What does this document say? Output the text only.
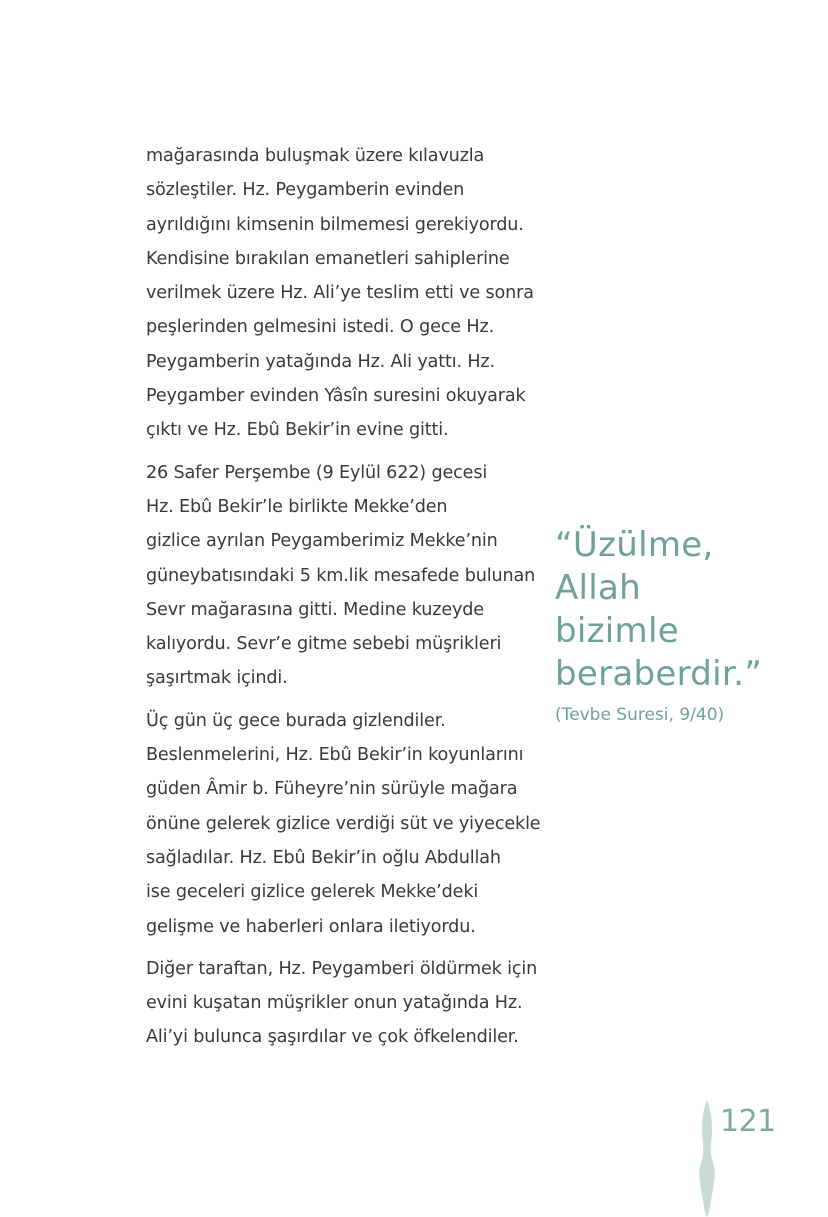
mağarasında buluşmak üzere kılavuzla
sözleştiler. Hz. Peygamberin evinden
ayrıldığını kimsenin bilmemesi gerekiyordu.
Kendisine bırakılan emanetleri sahiplerine
verilmek üzere Hz. Ali’ye teslim etti ve sonra
peşlerinden gelmesini istedi. O gece Hz.
Peygamberin yatağında Hz. Ali yattı. Hz.
Peygamber evinden Yâsîn suresini okuyarak
çıktı ve Hz. Ebû Bekir’in evine gitti.

26 Safer Perşembe (9 Eylül 622) gecesi
Hz. Ebû Bekir’le birlikte Mekke’den
gizlice ayrılan Peygamberimiz Mekke’nin
güneybatısındaki 5 km.lik mesafede bulunan
Sevr mağarasına gitti. Medine kuzeyde
kalıyordu. Sevr’e gitme sebebi müşrikleri
şaşırtmak içindi.

Üç gün üç gece burada gizlendiler.
Beslenmelerini, Hz. Ebû Bekir’in koyunlarını
güden Âmir b. Füheyre’nin sürüyle mağara
önüne gelerek gizlice verdiği süt ve yiyecekle
sağladılar. Hz. Ebû Bekir’in oğlu Abdullah
ise geceleri gizlice gelerek Mekke’deki
gelişme ve haberleri onlara iletiyordu.

Diğer taraftan, Hz. Peygamberi öldürmek için
evini kuşatan müşrikler onun yatağında Hz.
Ali’yi bulunca şaşırdılar ve çok öfkelendiler.

“Üzülme,
Allah
bizimle
beraberdir.”
(Tevbe Suresi, 9/40)
121
